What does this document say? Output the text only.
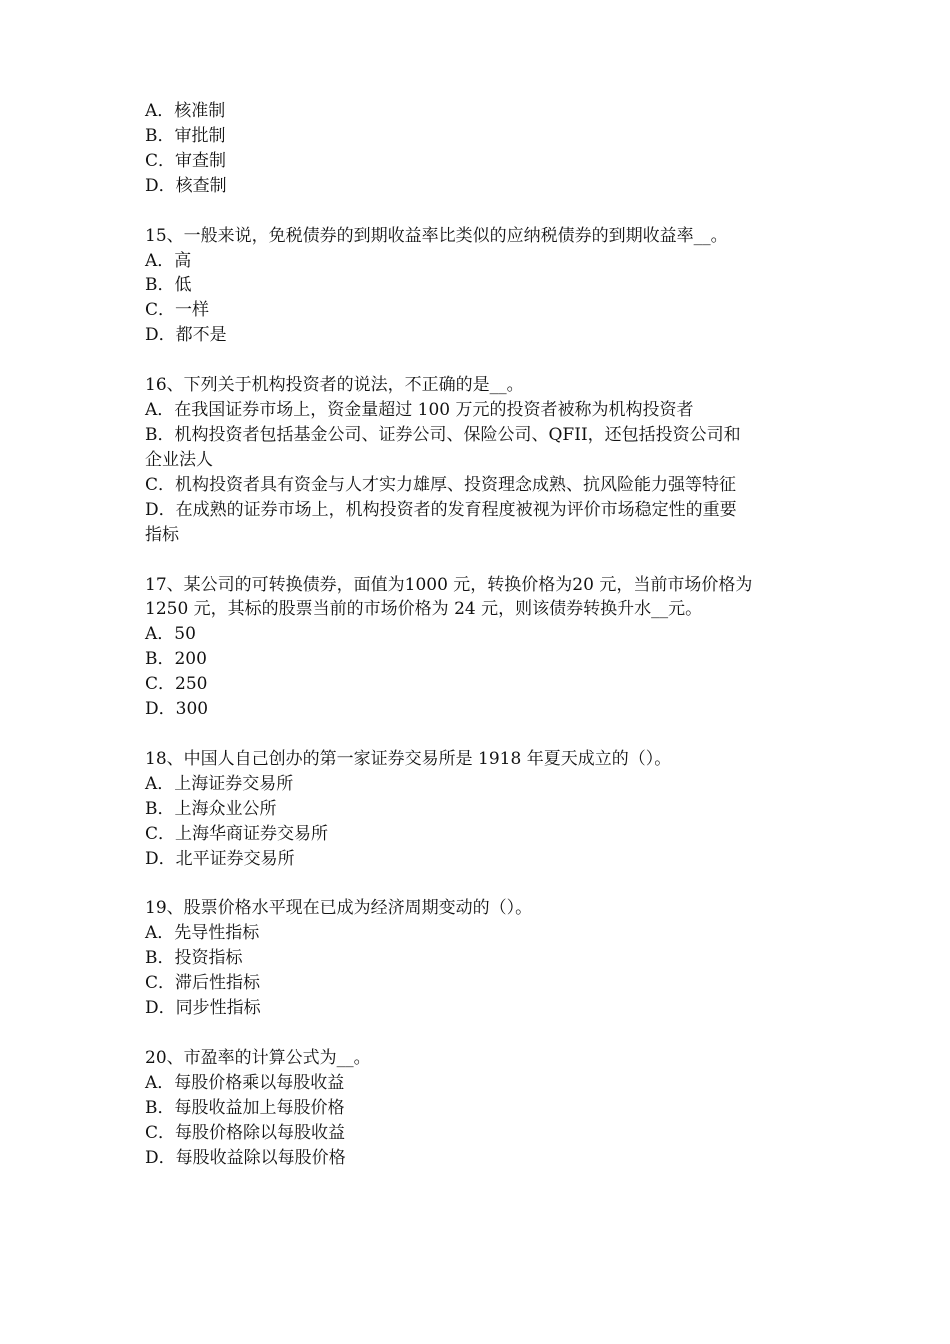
A．核准制
B．审批制
C．审查制
D．核查制
15、一般来说，免税债券的到期收益率比类似的应纳税债券的到期收益率__。
A．高
B．低
C．一样
D．都不是
16、下列关于机构投资者的说法，不正确的是__。
A．在我国证券市场上，资金量超过 100 万元的投资者被称为机构投资者
B．机构投资者包括基金公司、证券公司、保险公司、QFII，还包括投资公司和
企业法人
C．机构投资者具有资金与人才实力雄厚、投资理念成熟、抗风险能力强等特征
D．在成熟的证券市场上，机构投资者的发育程度被视为评价市场稳定性的重要
指标
17、某公司的可转换债券，面值为1000 元，转换价格为20 元，当前市场价格为
1250 元，其标的股票当前的市场价格为 24 元，则该债券转换升水__元。
A．50
B．200
C．250
D．300
18、中国人自己创办的第一家证券交易所是 1918 年夏天成立的（）。
A．上海证券交易所
B．上海众业公所
C．上海华商证券交易所
D．北平证券交易所
19、股票价格水平现在已成为经济周期变动的（）。
A．先导性指标
B．投资指标
C．滞后性指标
D．同步性指标
20、市盈率的计算公式为__。
A．每股价格乘以每股收益
B．每股收益加上每股价格
C．每股价格除以每股收益
D．每股收益除以每股价格
